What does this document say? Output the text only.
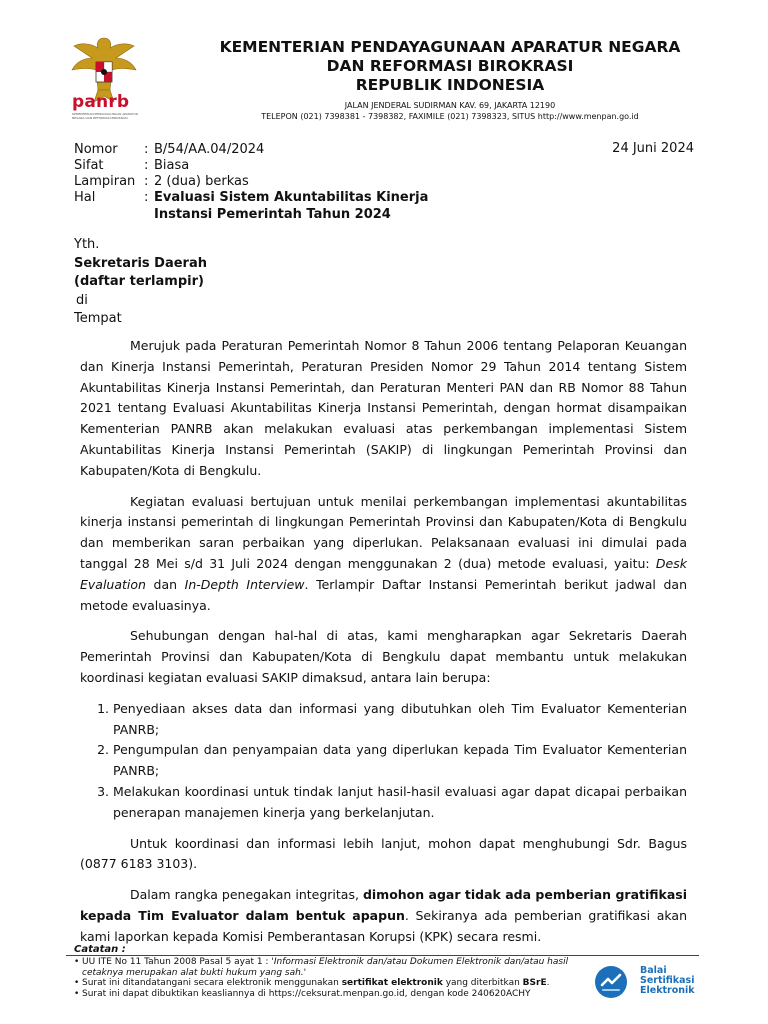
panrb
KEMENTERIAN PENDAYAGUNAAN APARATUR NEGARA DAN REFORMASI BIROKRASI
KEMENTERIAN PENDAYAGUNAAN APARATUR NEGARA
DAN REFORMASI BIROKRASI
REPUBLIK INDONESIA
JALAN JENDERAL SUDIRMAN KAV. 69, JAKARTA 12190
TELEPON (021) 7398381 - 7398382, FAXIMILE (021) 7398323, SITUS http://www.menpan.go.id
Nomor : B/54/AA.04/2024	24 Juni 2024
Sifat	: Biasa
Lampiran : 2 (dua) berkas
Hal	: Evaluasi Sistem Akuntabilitas Kinerja
Instansi Pemerintah Tahun 2024
Yth.
Sekretaris Daerah
(daftar terlampir)
di
Tempat

Merujuk pada Peraturan Pemerintah Nomor 8 Tahun 2006 tentang Pelaporan Keuangan dan Kinerja Instansi Pemerintah, Peraturan Presiden Nomor 29 Tahun 2014 tentang Sistem Akuntabilitas Kinerja Instansi Pemerintah, dan Peraturan Menteri PAN dan RB Nomor 88 Tahun 2021 tentang Evaluasi Akuntabilitas Kinerja Instansi Pemerintah, dengan hormat disampaikan Kementerian PANRB akan melakukan evaluasi atas perkembangan implementasi Sistem Akuntabilitas Kinerja Instansi Pemerintah (SAKIP) di lingkungan Pemerintah Provinsi dan Kabupaten/Kota di Bengkulu.

Kegiatan evaluasi bertujuan untuk menilai perkembangan implementasi akuntabilitas kinerja instansi pemerintah di lingkungan Pemerintah Provinsi dan Kabupaten/Kota di Bengkulu dan memberikan saran perbaikan yang diperlukan. Pelaksanaan evaluasi ini dimulai pada tanggal 28 Mei s/d 31 Juli 2024 dengan menggunakan 2 (dua) metode evaluasi, yaitu: Desk Evaluation dan In-Depth Interview. Terlampir Daftar Instansi Pemerintah berikut jadwal dan metode evaluasinya.

Sehubungan dengan hal-hal di atas, kami mengharapkan agar Sekretaris Daerah Pemerintah Provinsi dan Kabupaten/Kota di Bengkulu dapat membantu untuk melakukan koordinasi kegiatan evaluasi SAKIP dimaksud, antara lain berupa:

1. Penyediaan akses data dan informasi yang dibutuhkan oleh Tim Evaluator Kementerian PANRB;
2. Pengumpulan dan penyampaian data yang diperlukan kepada Tim Evaluator Kementerian PANRB;
3. Melakukan koordinasi untuk tindak lanjut hasil-hasil evaluasi agar dapat dicapai perbaikan penerapan manajemen kinerja yang berkelanjutan.

Untuk koordinasi dan informasi lebih lanjut, mohon dapat menghubungi Sdr. Bagus (0877 6183 3103).

Dalam rangka penegakan integritas, dimohon agar tidak ada pemberian gratiﬁkasi kepada Tim Evaluator dalam bentuk apapun. Sekiranya ada pemberian gratiﬁkasi akan kami laporkan kepada Komisi Pemberantasan Korupsi (KPK) secara resmi.

Catatan :
• UU ITE No 11 Tahun 2008 Pasal 5 ayat 1 : 'Informasi Elektronik dan/atau Dokumen Elektronik dan/atau hasil cetaknya merupakan alat bukti hukum yang sah.'
• Surat ini ditandatangani secara elektronik menggunakan sertifikat elektronik yang diterbitkan BSrE.
• Surat ini dapat dibuktikan keasliannya di https://ceksurat.menpan.go.id, dengan kode 240620ACHY
Balai
Sertifikasi
Elektronik
